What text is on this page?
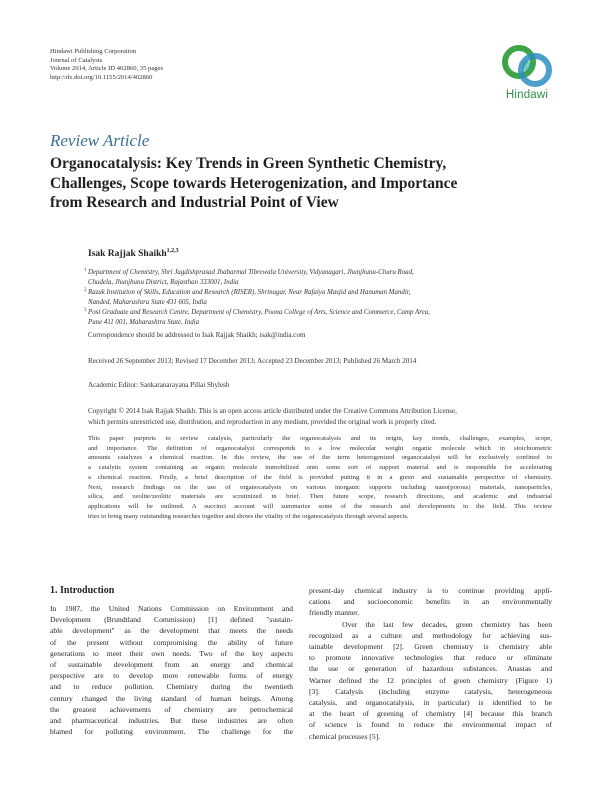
Hindawi Publishing Corporation
Journal of Catalysts
Volume 2014, Article ID 402860, 35 pages
http://dx.doi.org/10.1155/2014/402860
Hindawi
Review Article
Organocatalysis: Key Trends in Green Synthetic Chemistry,
Challenges, Scope towards Heterogenization, and Importance
from Research and Industrial Point of View
Isak Rajjak Shaikh$^{1,2,3}$
1 Department of Chemistry, Shri Jagdishprasad Jhabarmal Tibrewala University, Vidyanagari, Jhunjhunu-Churu Road,
Chudela, Jhunjhunu District, Rajasthan 333001, India
2 Razak Institution of Skills, Education and Research (RISER), Shrinagar, Near Rafaiya Masjid and Hanuman Mandir,
Nanded, Maharashtra State 431 605, India
3 Post Graduate and Research Centre, Department of Chemistry, Poona College of Arts, Science and Commerce, Camp Area,
Pune 411 001, Maharashtra State, India
Correspondence should be addressed to Isak Rajjak Shaikh; isak@india.com
Received 26 September 2013; Revised 17 December 2013; Accepted 23 December 2013; Published 26 March 2014
Academic Editor: Sankaranarayana Pillai Shylesh
Copyright © 2014 Isak Rajjak Shaikh. This is an open access article distributed under the Creative Commons Attribution License,
which permits unrestricted use, distribution, and reproduction in any medium, provided the original work is properly cited.
This paper purports to review catalysis, particularly the organocatalysis and its origin, key trends, challenges, examples, scope,
and importance. The definition of organocatalyst corresponds to a low molecular weight organic molecule which in stoichiometric
amounts catalyzes a chemical reaction. In this review, the use of the term heterogenized organocatalyst will be exclusively confined to
a catalytic system containing an organic molecule immobilized onto some sort of support material and is responsible for accelerating
a chemical reaction. Firstly, a brief description of the field is provided putting it in a green and sustainable perspective of chemistry.
Next, research findings on the use of organocatalysts on various inorganic supports including nano(porous) materials, nanoparticles,
silica, and zeolite/zeolitic materials are scrutinized in brief. Then future scope, research directions, and academic and industrial
applications will be outlined. A succinct account will summarize some of the research and developments in the field. This review
tries to bring many outstanding researches together and shows the vitality of the organocatalysis through several aspects.
1. Introduction
In 1987, the United Nations Commission on Environment and
Development (Brundtland Commission) [1] defined "sustain-
able development" as the development that meets the needs
of the present without compromising the ability of future
generations to meet their own needs. Two of the key aspects
of sustainable development from an energy and chemical
perspective are to develop more renewable forms of energy
and to reduce pollution. Chemistry during the twentieth
century changed the living standard of human beings. Among
the greatest achievements of chemistry are petrochemical
and pharmaceutical industries. But these industries are often
blamed for polluting environment. The challenge for the
present-day chemical industry is to continue providing appli-
cations and socioeconomic benefits in an environmentally
friendly manner.
Over the last few decades, green chemistry has been
recognized as a culture and methodology for achieving sus-
tainable development [2]. Green chemistry is chemistry able
to promote innovative technologies that reduce or eliminate
the use or generation of hazardous substances. Anastas and
Warner defined the 12 principles of green chemistry (Figure 1)
[3]. Catalysis (including enzyme catalysis, heterogeneous
catalysis, and organocatalysis, in particular) is identified to be
at the heart of greening of chemistry [4] because this branch
of science is found to reduce the environmental impact of
chemical processes [5].
